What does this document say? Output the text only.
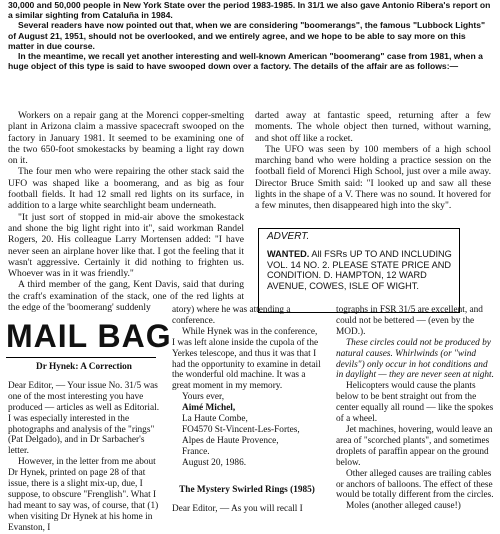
30,000 and 50,000 people in New York State over the period 1983-1985. In 31/1 we also gave Antonio Ribera's report on a similar sighting from Cataluña in 1984.

Several readers have now pointed out that, when we are considering "boomerangs", the famous "Lubbock Lights" of August 21, 1951, should not be overlooked, and we entirely agree, and we hope to be able to say more on this matter in due course.

In the meantime, we recall yet another interesting and well-known American "boomerang" case from 1981, when a huge object of this type is said to have swooped down over a factory. The details of the affair are as follows:—

Workers on a repair gang at the Morenci copper-smelting plant in Arizona claim a massive spacecraft swooped on the factory in January 1981. It seemed to be examining one of the two 650-foot smokestacks by beaming a light ray down on it.

The four men who were repairing the other stack said the UFO was shaped like a boomerang, and as big as four football fields. It had 12 small red lights on its surface, in addition to a large white searchlight beam underneath.

"It just sort of stopped in mid-air above the smokestack and shone the big light right into it", said workman Randel Rogers, 20. His colleague Larry Mortensen added: "I have never seen an airplane hover like that. I got the feeling that it wasn't aggressive. Certainly it did nothing to frighten us. Whoever was in it was friendly."

A third member of the gang, Kent Davis, said that during the craft's examination of the stack, one of the red lights at the edge of the 'boomerang' suddenly

darted away at fantastic speed, returning after a few moments. The whole object then turned, without warning, and shot off like a rocket.

The UFO was seen by 100 members of a high school marching band who were holding a practice session on the football field of Morenci High School, just over a mile away. Director Bruce Smith said: "I looked up and saw all these lights in the shape of a V. There was no sound. It hovered for a few minutes, then disappeared high into the sky".

ADVERT.
WANTED. All FSRs UP TO AND INCLUDING VOL. 14 NO. 2. PLEASE STATE PRICE AND CONDITION. D. HAMPTON, 12 WARD AVENUE, COWES, ISLE OF WIGHT.
MAIL BAG

Dr Hynek: A Correction

Dear Editor, — Your issue No. 31/5 was one of the most interesting you have produced — articles as well as Editorial. I was especially interested in the photographs and analysis of the "rings" (Pat Delgado), and in Dr Sarbacher's letter.

However, in the letter from me about Dr Hynek, printed on page 28 of that issue, there is a slight mix-up, due, I suppose, to obscure "Frenglish". What I had meant to say was, of course, that (1) when visiting Dr Hynek at his home in Evanston, I

atory) where he was attending a conference.

While Hynek was in the conference, I was left alone inside the cupola of the Yerkes telescope, and thus it was that I had the opportunity to examine in detail the wonderful old machine. It was a great moment in my memory.

Yours ever,

Aimé Michel,

La Haute Combe,

FO4570 St-Vincent-Les-Fortes,

Alpes de Haute Provence,

France.

August 20, 1986.

The Mystery Swirled Rings (1985)

Dear Editor, — As you will recall I

tographs in FSR 31/5 are excellent, and could not be bettered — (even by the MOD.).

These circles could not be produced by natural causes. Whirlwinds (or "wind devils") only occur in hot conditions and in daylight — they are never seen at night.

Helicopters would cause the plants below to be bent straight out from the center equally all round — like the spokes of a wheel.

Jet machines, hovering, would leave an area of "scorched plants", and sometimes droplets of paraffin appear on the ground below.

Other alleged causes are trailing cables or anchors of balloons. The effect of these would be totally different from the circles.

Moles (another alleged cause!)
